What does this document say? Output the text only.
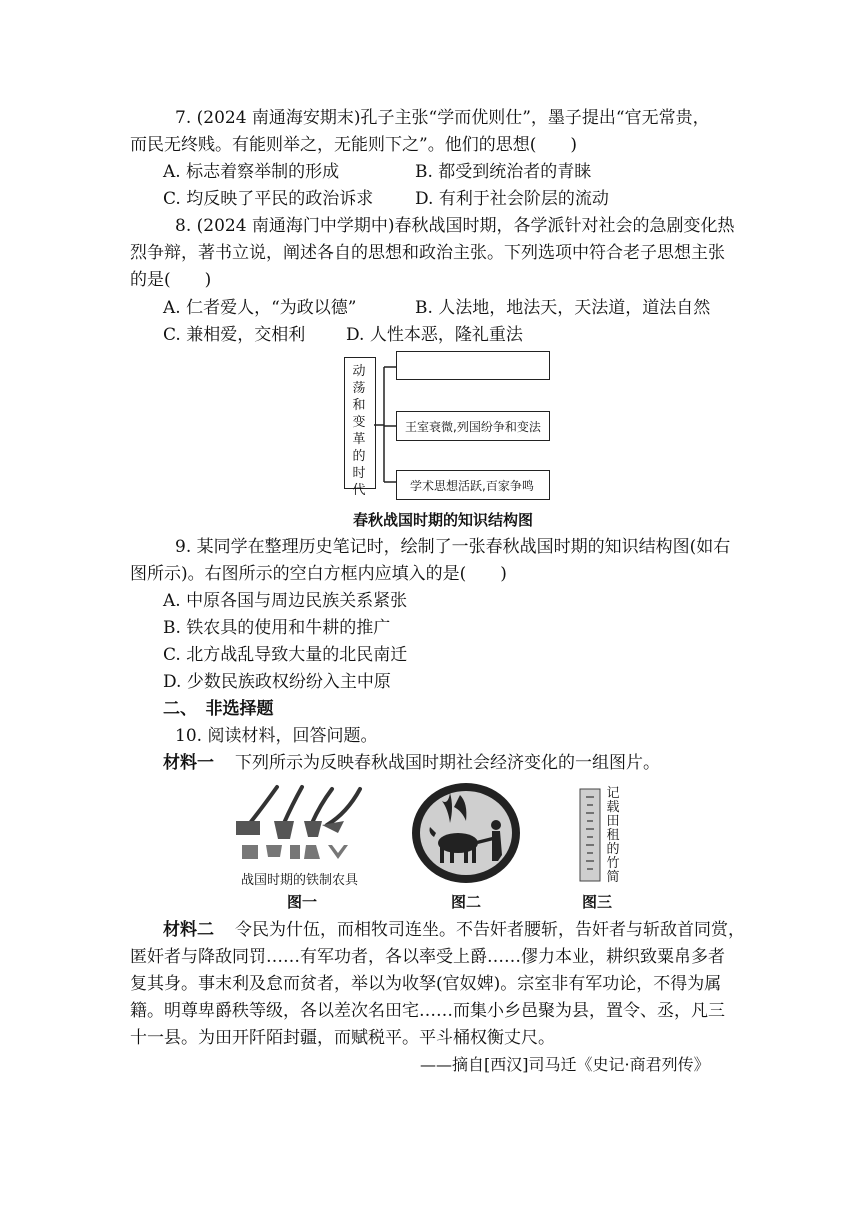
7. (2024 南通海安期末)孔子主张“学而优则仕”，墨子提出“官无常贵，
而民无终贱。有能则举之，无能则下之”。他们的思想(　　)
A. 标志着察举制的形成	B. 都受到统治者的青睐
C. 均反映了平民的政治诉求 D. 有利于社会阶层的流动
8. (2024 南通海门中学期中)春秋战国时期，各学派针对社会的急剧变化热
烈争辩，著书立说，阐述各自的思想和政治主张。下列选项中符合老子思想主张
的是(　　)
A. 仁者爱人，“为政以德”	B. 人法地，地法天，天法道，道法自然
C. 兼相爱，交相利 D. 人性本恶，隆礼重法
动荡和变革的时代
王室衰微,列国纷争和变法
学术思想活跃,百家争鸣
春秋战国时期的知识结构图
9. 某同学在整理历史笔记时，绘制了一张春秋战国时期的知识结构图(如右
图所示)。右图所示的空白方框内应填入的是(　　)
A. 中原各国与周边民族关系紧张
B. 铁农具的使用和牛耕的推广
C. 北方战乱导致大量的北民南迁
D. 少数民族政权纷纷入主中原
二、　非选择题
10. 阅读材料，回答问题。
材料一 下列所示为反映春秋战国时期社会经济变化的一组图片。
战国时期的铁制农具
记载田租的竹简
图一	图二	图三
材料二 令民为什伍，而相牧司连坐。不告奸者腰斩，告奸者与斩敌首同赏，
匿奸者与降敌同罚……有军功者，各以率受上爵……僇力本业，耕织致粟帛多者
复其身。事末利及怠而贫者，举以为收孥(官奴婢)。宗室非有军功论，不得为属
籍。明尊卑爵秩等级，各以差次名田宅……而集小乡邑聚为县，置令、丞，凡三
十一县。为田开阡陌封疆，而赋税平。平斗桶权衡丈尺。
——摘自[西汉]司马迁《史记·商君列传》
